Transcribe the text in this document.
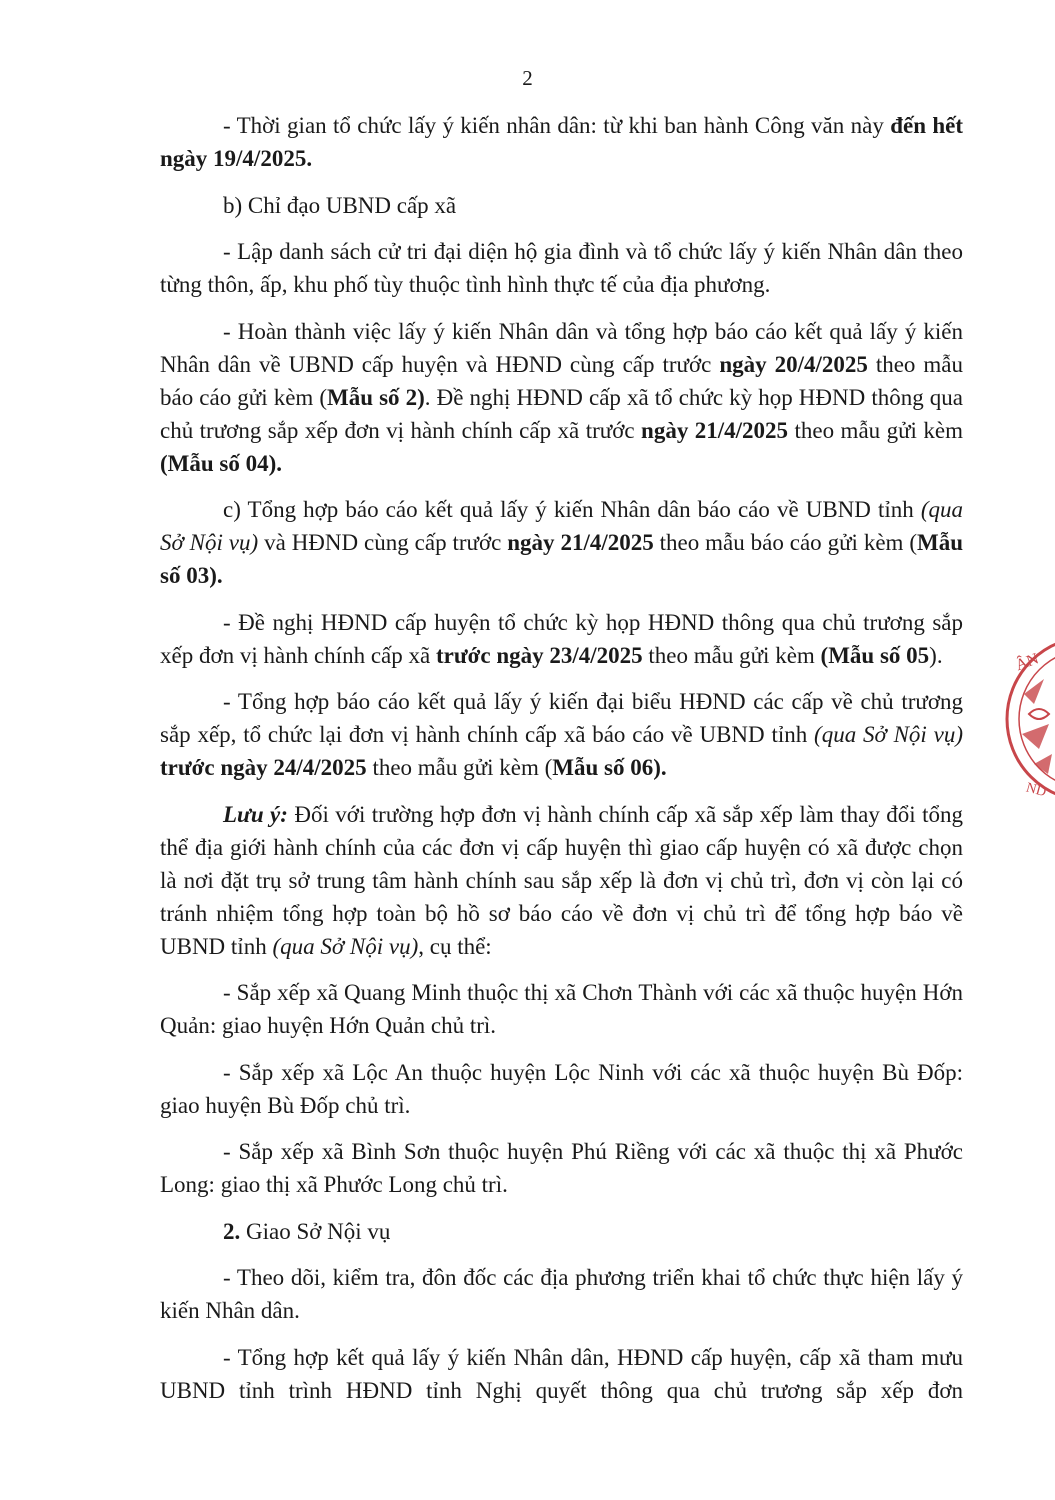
2

- Thời gian tổ chức lấy ý kiến nhân dân: từ khi ban hành Công văn này đến hết ngày 19/4/2025.

b) Chỉ đạo UBND cấp xã

- Lập danh sách cử tri đại diện hộ gia đình và tổ chức lấy ý kiến Nhân dân theo từng thôn, ấp, khu phố tùy thuộc tình hình thực tế của địa phương.

- Hoàn thành việc lấy ý kiến Nhân dân và tổng hợp báo cáo kết quả lấy ý kiến Nhân dân về UBND cấp huyện và HĐND cùng cấp trước ngày 20/4/2025 theo mẫu báo cáo gửi kèm (Mẫu số 2). Đề nghị HĐND cấp xã tổ chức kỳ họp HĐND thông qua chủ trương sắp xếp đơn vị hành chính cấp xã trước ngày 21/4/2025 theo mẫu gửi kèm (Mẫu số 04).

c) Tổng hợp báo cáo kết quả lấy ý kiến Nhân dân báo cáo về UBND tỉnh (qua Sở Nội vụ) và HĐND cùng cấp trước ngày 21/4/2025 theo mẫu báo cáo gửi kèm (Mẫu số 03).

- Đề nghị HĐND cấp huyện tổ chức kỳ họp HĐND thông qua chủ trương sắp xếp đơn vị hành chính cấp xã trước ngày 23/4/2025 theo mẫu gửi kèm (Mẫu số 05).

- Tổng hợp báo cáo kết quả lấy ý kiến đại biểu HĐND các cấp về chủ trương sắp xếp, tổ chức lại đơn vị hành chính cấp xã báo cáo về UBND tỉnh (qua Sở Nội vụ) trước ngày 24/4/2025 theo mẫu gửi kèm (Mẫu số 06).

Lưu ý: Đối với trường hợp đơn vị hành chính cấp xã sắp xếp làm thay đổi tổng thể địa giới hành chính của các đơn vị cấp huyện thì giao cấp huyện có xã được chọn là nơi đặt trụ sở trung tâm hành chính sau sắp xếp là đơn vị chủ trì, đơn vị còn lại có tránh nhiệm tổng hợp toàn bộ hồ sơ báo cáo về đơn vị chủ trì để tổng hợp báo về UBND tỉnh (qua Sở Nội vụ), cụ thể:

- Sắp xếp xã Quang Minh thuộc thị xã Chơn Thành với các xã thuộc huyện Hớn Quản: giao huyện Hớn Quản chủ trì.

- Sắp xếp xã Lộc An thuộc huyện Lộc Ninh với các xã thuộc huyện Bù Đốp: giao huyện Bù Đốp chủ trì.

- Sắp xếp xã Bình Sơn thuộc huyện Phú Riềng với các xã thuộc thị xã Phước Long: giao thị xã Phước Long chủ trì.

2. Giao Sở Nội vụ

- Theo dõi, kiểm tra, đôn đốc các địa phương triển khai tổ chức thực hiện lấy ý kiến Nhân dân.

- Tổng hợp kết quả lấy ý kiến Nhân dân, HĐND cấp huyện, cấp xã tham mưu UBND tỉnh trình HĐND tỉnh Nghị quyết thông qua chủ trương sắp xếp đơn

ÂN
ND
